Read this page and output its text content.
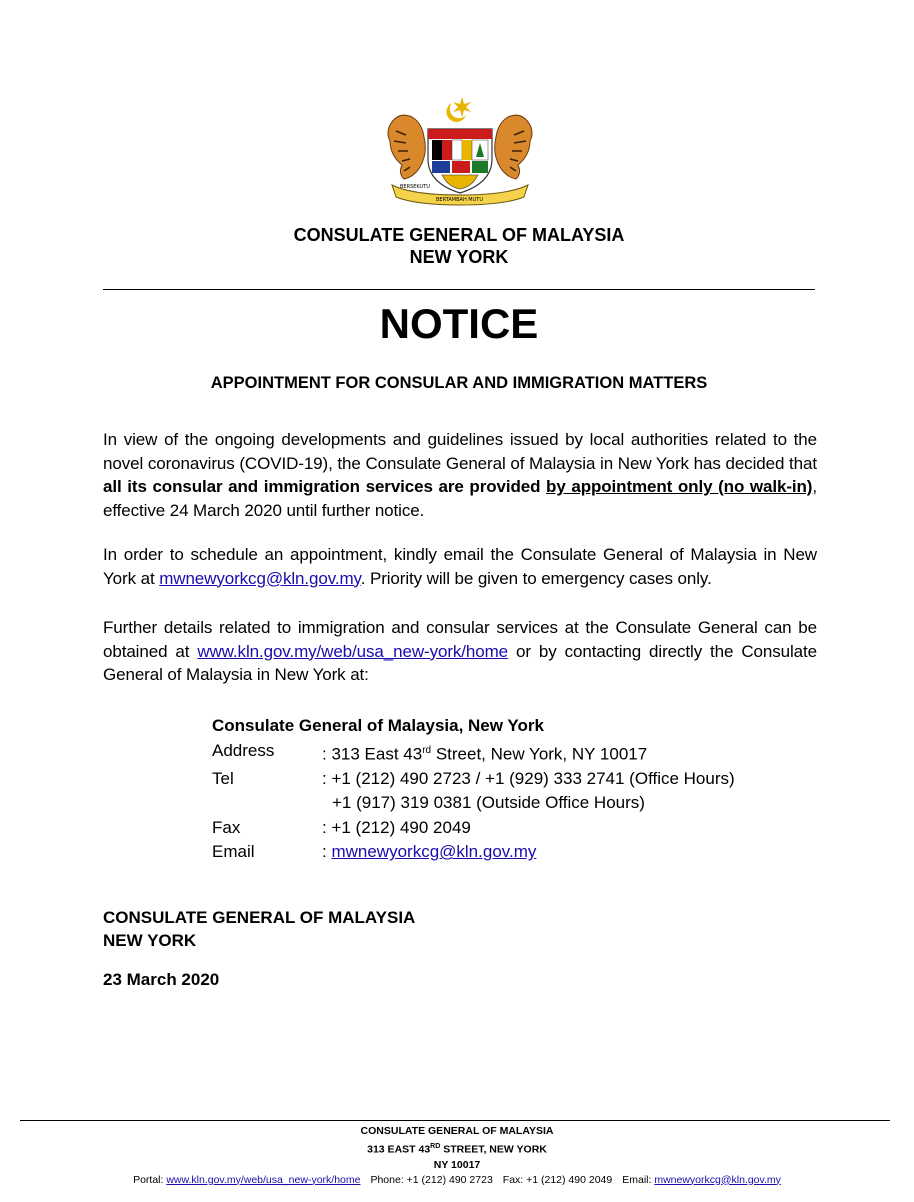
BERSEKUTU
BERTAMBAH MUTU
CONSULATE GENERAL OF MALAYSIA
NEW YORK
NOTICE
APPOINTMENT FOR CONSULAR AND IMMIGRATION MATTERS
In view of the ongoing developments and guidelines issued by local authorities related to the novel coronavirus (COVID-19), the Consulate General of Malaysia in New York has decided that all its consular and immigration services are provided by appointment only (no walk-in), effective 24 March 2020 until further notice.
In order to schedule an appointment, kindly email the Consulate General of Malaysia in New York at mwnewyorkcg@kln.gov.my. Priority will be given to emergency cases only.
Further details related to immigration and consular services at the Consulate General can be obtained at www.kln.gov.my/web/usa_new-york/home or by contacting directly the Consulate General of Malaysia in New York at:
Consulate General of Malaysia, New York
Address	: 313 East 43rd Street, New York, NY 10017
Tel	: +1 (212) 490 2723 / +1 (929) 333 2741 (Office Hours)
+1 (917) 319 0381 (Outside Office Hours)
Fax	: +1 (212) 490 2049
Email	: mwnewyorkcg@kln.gov.my
CONSULATE GENERAL OF MALAYSIA
NEW YORK
23 March 2020
CONSULATE GENERAL OF MALAYSIA
313 EAST 43RD STREET, NEW YORK
NY 10017
Portal: www.kln.gov.my/web/usa_new-york/home Phone: +1 (212) 490 2723 Fax: +1 (212) 490 2049 Email: mwnewyorkcg@kln.gov.my
